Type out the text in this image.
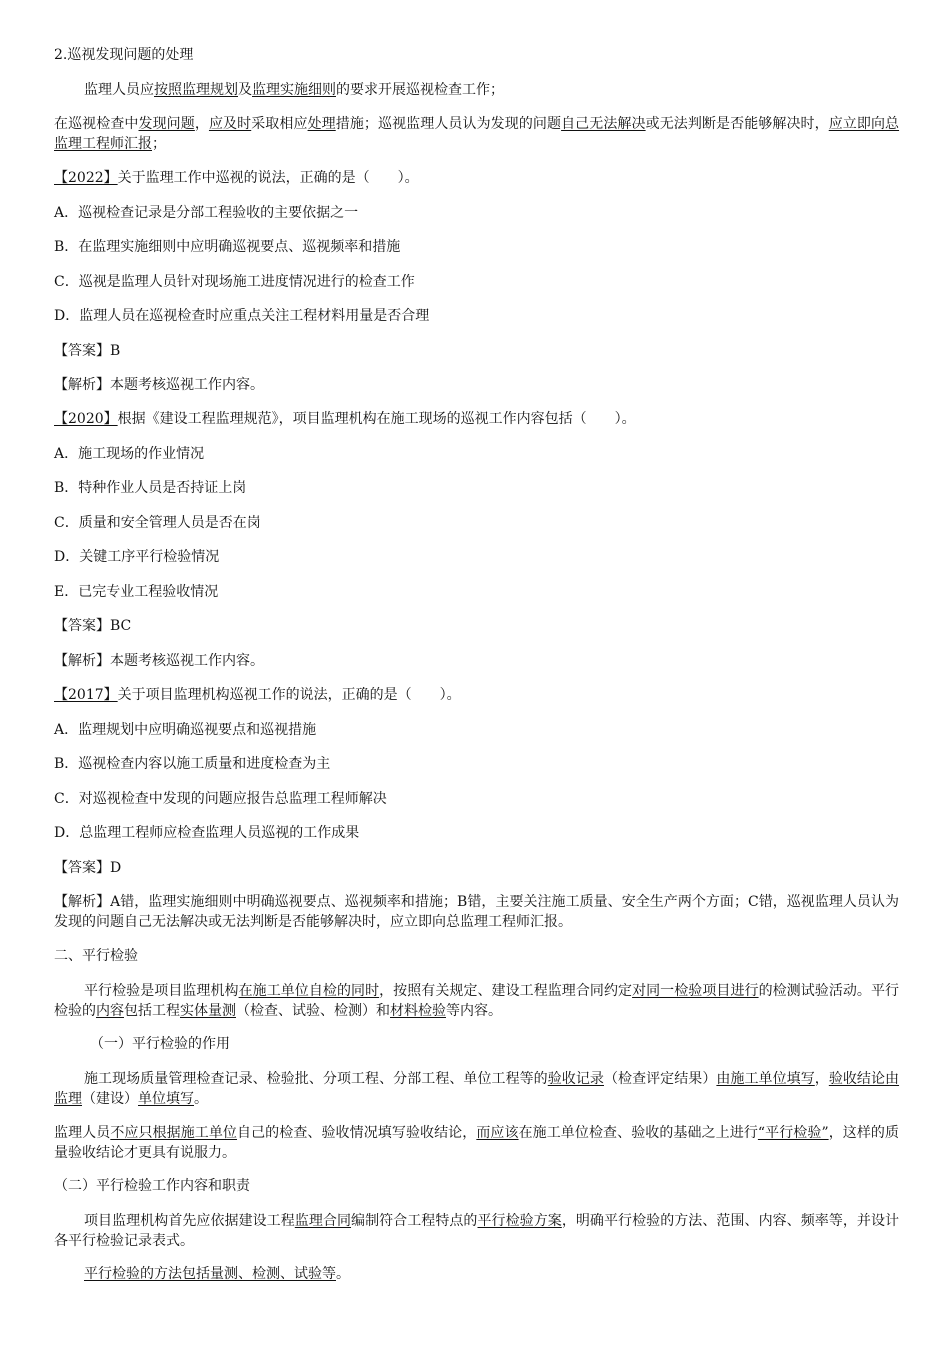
2.巡视发现问题的处理
监理人员应按照监理规划及监理实施细则的要求开展巡视检查工作；
在巡视检查中发现问题，应及时采取相应处理措施；巡视监理人员认为发现的问题自己无法解决或无法判断是否能够解决时，应立即向总监理工程师汇报；
【2022】关于监理工作中巡视的说法，正确的是（　　）。
A．巡视检查记录是分部工程验收的主要依据之一
B．在监理实施细则中应明确巡视要点、巡视频率和措施
C．巡视是监理人员针对现场施工进度情况进行的检查工作
D．监理人员在巡视检查时应重点关注工程材料用量是否合理
【答案】B
【解析】本题考核巡视工作内容。
【2020】根据《建设工程监理规范》，项目监理机构在施工现场的巡视工作内容包括（　　）。
A．施工现场的作业情况
B．特种作业人员是否持证上岗
C．质量和安全管理人员是否在岗
D．关键工序平行检验情况
E．已完专业工程验收情况
【答案】BC
【解析】本题考核巡视工作内容。
【2017】关于项目监理机构巡视工作的说法，正确的是（　　）。
A．监理规划中应明确巡视要点和巡视措施
B．巡视检查内容以施工质量和进度检查为主
C．对巡视检查中发现的问题应报告总监理工程师解决
D．总监理工程师应检查监理人员巡视的工作成果
【答案】D
【解析】A错，监理实施细则中明确巡视要点、巡视频率和措施；B错，主要关注施工质量、安全生产两个方面；C错，巡视监理人员认为发现的问题自己无法解决或无法判断是否能够解决时，应立即向总监理工程师汇报。
二、平行检验
平行检验是项目监理机构在施工单位自检的同时，按照有关规定、建设工程监理合同约定对同一检验项目进行的检测试验活动。平行检验的内容包括工程实体量测（检查、试验、检测）和材料检验等内容。
（一）平行检验的作用
施工现场质量管理检查记录、检验批、分项工程、分部工程、单位工程等的验收记录（检查评定结果）由施工单位填写，验收结论由监理（建设）单位填写。
监理人员不应只根据施工单位自己的检查、验收情况填写验收结论，而应该在施工单位检查、验收的基础之上进行“平行检验”，这样的质量验收结论才更具有说服力。
（二）平行检验工作内容和职责
项目监理机构首先应依据建设工程监理合同编制符合工程特点的平行检验方案，明确平行检验的方法、范围、内容、频率等，并设计各平行检验记录表式。
平行检验的方法包括量测、检测、试验等。
